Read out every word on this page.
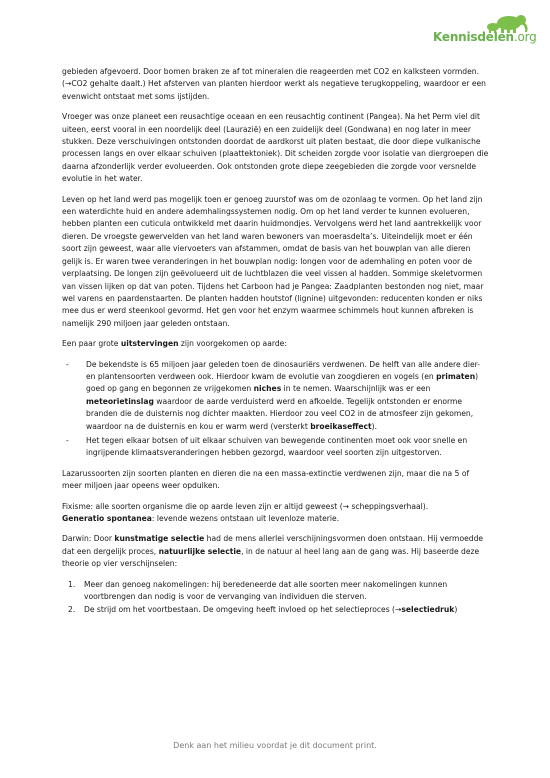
Kennisdelen.org

gebieden afgevoerd. Door bomen braken ze af tot mineralen die reageerden met CO2 en kalksteen vormden. (→CO2 gehalte daalt.) Het afsterven van planten hierdoor werkt als negatieve terugkoppeling, waardoor er een evenwicht ontstaat met soms ijstijden.

Vroeger was onze planeet een reusachtige oceaan en een reusachtig continent (Pangea). Na het Perm viel dit uiteen, eerst vooral in een noordelijk deel (Laurazië) en een zuidelijk deel (Gondwana) en nog later in meer stukken. Deze verschuivingen ontstonden doordat de aardkorst uit platen bestaat, die door diepe vulkanische processen langs en over elkaar schuiven (plaattektoniek). Dit scheiden zorgde voor isolatie van diergroepen die daarna afzonderlijk verder evolueerden. Ook ontstonden grote diepe zeegebieden die zorgde voor versnelde evolutie in het water.

Leven op het land werd pas mogelijk toen er genoeg zuurstof was om de ozonlaag te vormen. Op het land zijn een waterdichte huid en andere ademhalingssystemen nodig. Om op het land verder te kunnen evolueren, hebben planten een cuticula ontwikkeld met daarin huidmondjes. Vervolgens werd het land aantrekkelijk voor dieren. De vroegste gewervelden van het land waren bewoners van moerasdelta’s. Uiteindelijk moet er één soort zijn geweest, waar alle viervoeters van afstammen, omdat de basis van het bouwplan van alle dieren gelijk is. Er waren twee veranderingen in het bouwplan nodig: longen voor de ademhaling en poten voor de verplaatsing. De longen zijn geëvolueerd uit de luchtblazen die veel vissen al hadden. Sommige skeletvormen van vissen lijken op dat van poten. Tijdens het Carboon had je Pangea: Zaadplanten bestonden nog niet, maar wel varens en paardenstaarten. De planten hadden houtstof (lignine) uitgevonden: reducenten konden er niks mee dus er werd steenkool gevormd. Het gen voor het enzym waarmee schimmels hout kunnen afbreken is namelijk 290 miljoen jaar geleden ontstaan.

Een paar grote uitstervingen zijn voorgekomen op aarde:

- De bekendste is 65 miljoen jaar geleden toen de dinosauriërs verdwenen. De helft van alle andere dier- en plantensoorten verdween ook. Hierdoor kwam de evolutie van zoogdieren en vogels (en primaten) goed op gang en begonnen ze vrijgekomen niches in te nemen. Waarschijnlijk was er een meteorietinslag waardoor de aarde verduisterd werd en afkoelde. Tegelijk ontstonden er enorme branden die de duisternis nog dichter maakten. Hierdoor zou veel CO2 in de atmosfeer zijn gekomen, waardoor na de duisternis en kou er warm werd (versterkt broeikaseffect).
- Het tegen elkaar botsen of uit elkaar schuiven van bewegende continenten moet ook voor snelle en ingrijpende klimaatsveranderingen hebben gezorgd, waardoor veel soorten zijn uitgestorven.

Lazarussoorten zijn soorten planten en dieren die na een massa-extinctie verdwenen zijn, maar die na 5 of meer miljoen jaar opeens weer opduiken.

Fixisme: alle soorten organisme die op aarde leven zijn er altijd geweest (→ scheppingsverhaal).
Generatio spontanea: levende wezens ontstaan uit levenloze materie.

Darwin: Door kunstmatige selectie had de mens allerlei verschijningsvormen doen ontstaan. Hij vermoedde dat een dergelijk proces, natuurlijke selectie, in de natuur al heel lang aan de gang was. Hij baseerde deze theorie op vier verschijnselen:

1. Meer dan genoeg nakomelingen: hij beredeneerde dat alle soorten meer nakomelingen kunnen voortbrengen dan nodig is voor de vervanging van individuen die sterven.
2. De strijd om het voortbestaan. De omgeving heeft invloed op het selectieproces (→selectiedruk)
Denk aan het milieu voordat je dit document print.
